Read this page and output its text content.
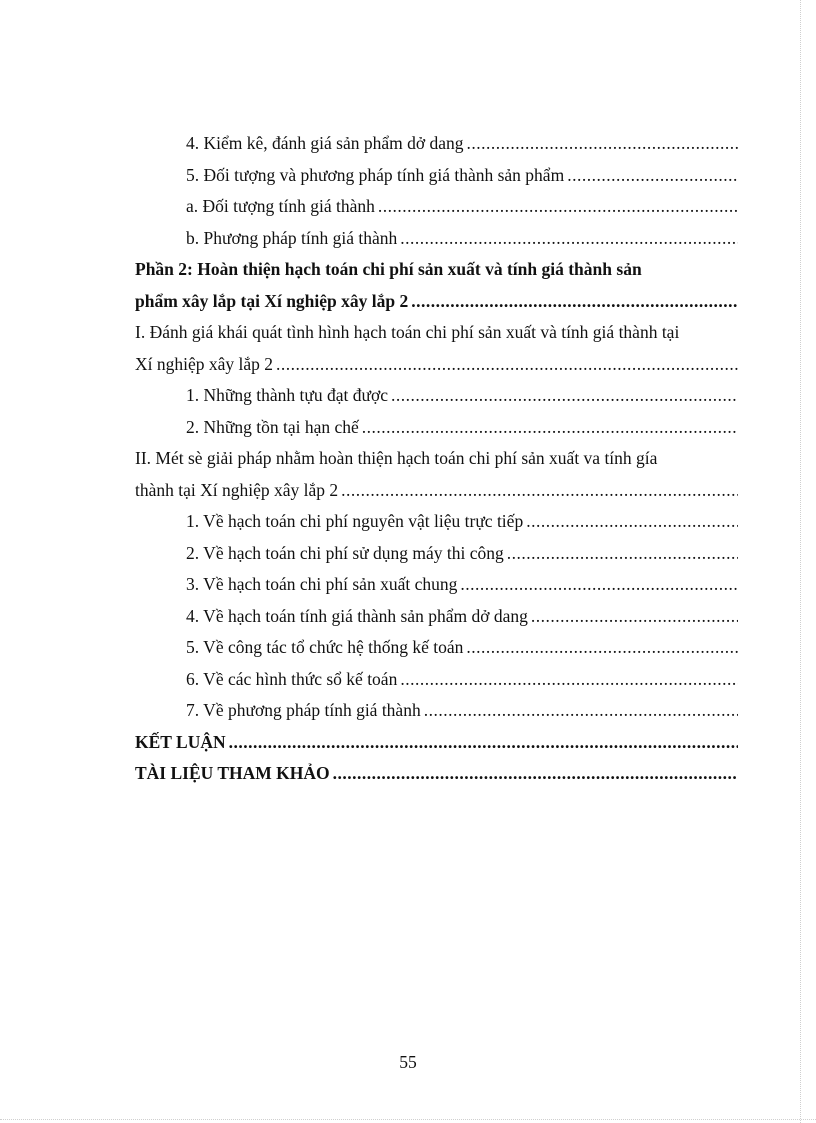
4. Kiểm kê, đánh giá sản phẩm dở dang
.....
5. Đối tượng và phương pháp tính giá thành sản phẩm
.....
a. Đối tượng tính giá thành
.....
b. Phương pháp tính giá thành
.....
Phần 2: Hoàn thiện hạch toán chi phí sản xuất và tính giá thành sản
phẩm xây lắp tại Xí nghiệp xây lắp 2
.....
I. Đánh giá khái quát tình hình hạch toán chi phí sản xuất và tính giá thành tại
Xí nghiệp xây lắp 2
.....
1. Những thành tựu đạt được
.....
2. Những tồn tại hạn chế
.....
II. Mét sè giải pháp nhằm hoàn thiện hạch toán chi phí sản xuất va tính gía
thành tại Xí nghiệp xây lắp 2
.....
1. Về hạch toán chi phí nguyên vật liệu trực tiếp
.....
2. Về hạch toán chi phí sử dụng máy thi công
.....
3. Về hạch toán chi phí sản xuất chung
.....
4. Về hạch toán tính giá thành sản phẩm dở dang
.....
5. Về công tác tổ chức hệ thống kế toán
.....
6. Về các hình thức sổ kế toán
.....
7. Về phương pháp tính giá thành
.....
KẾT LUẬN
.....
TÀI LIỆU THAM KHẢO
.....
55
